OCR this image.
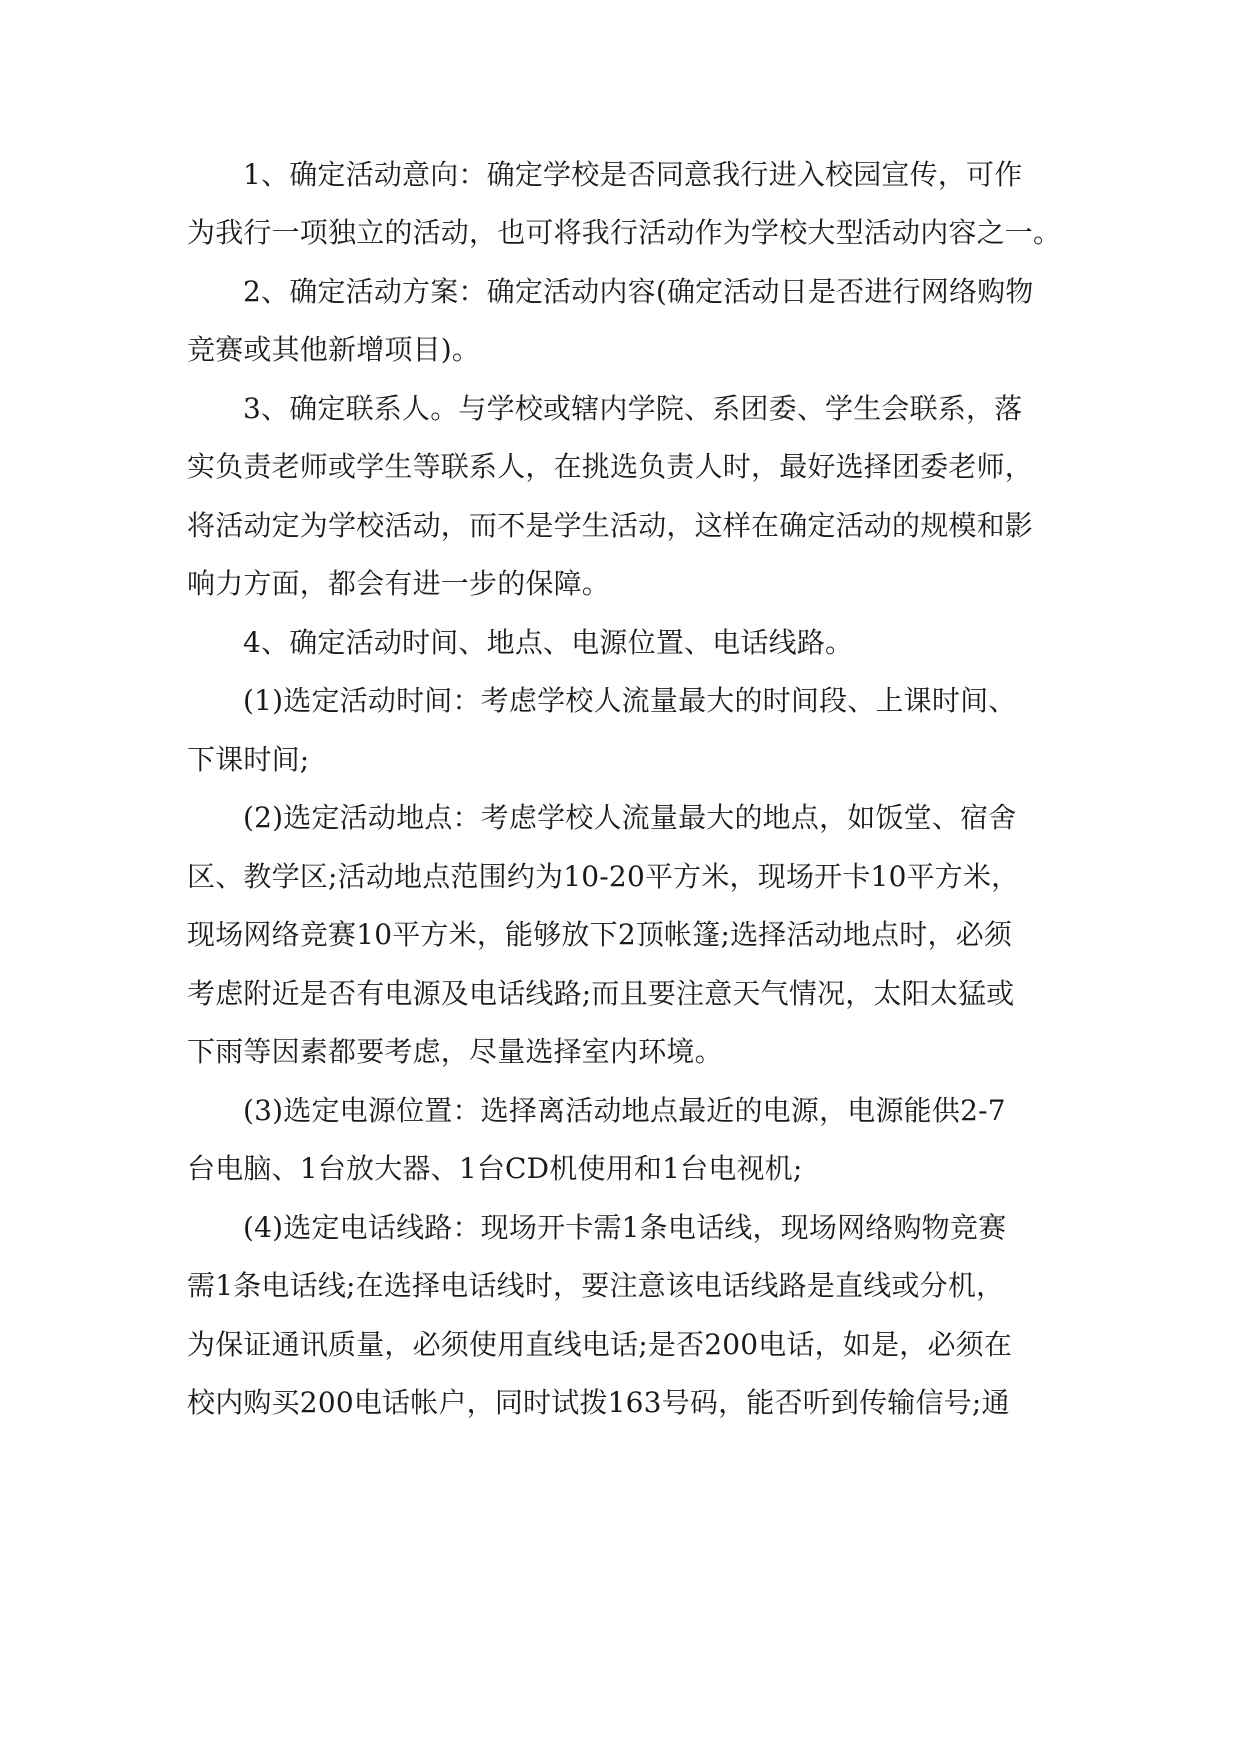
1、确定活动意向：确定学校是否同意我行进入校园宣传，可作
为我行一项独立的活动，也可将我行活动作为学校大型活动内容之一。
2、确定活动方案：确定活动内容(确定活动日是否进行网络购物
竞赛或其他新增项目)。
3、确定联系人。与学校或辖内学院、系团委、学生会联系，落
实负责老师或学生等联系人，在挑选负责人时，最好选择团委老师，
将活动定为学校活动，而不是学生活动，这样在确定活动的规模和影
响力方面，都会有进一步的保障。
4、确定活动时间、地点、电源位置、电话线路。
(1)选定活动时间：考虑学校人流量最大的时间段、上课时间、
下课时间;
(2)选定活动地点：考虑学校人流量最大的地点，如饭堂、宿舍
区、教学区;活动地点范围约为10-20平方米，现场开卡10平方米，
现场网络竞赛10平方米，能够放下2顶帐篷;选择活动地点时，必须
考虑附近是否有电源及电话线路;而且要注意天气情况，太阳太猛或
下雨等因素都要考虑，尽量选择室内环境。
(3)选定电源位置：选择离活动地点最近的电源，电源能供2-7
台电脑、1台放大器、1台CD机使用和1台电视机;
(4)选定电话线路：现场开卡需1条电话线，现场网络购物竞赛
需1条电话线;在选择电话线时，要注意该电话线路是直线或分机，
为保证通讯质量，必须使用直线电话;是否200电话，如是，必须在
校内购买200电话帐户，同时试拨163号码，能否听到传输信号;通
